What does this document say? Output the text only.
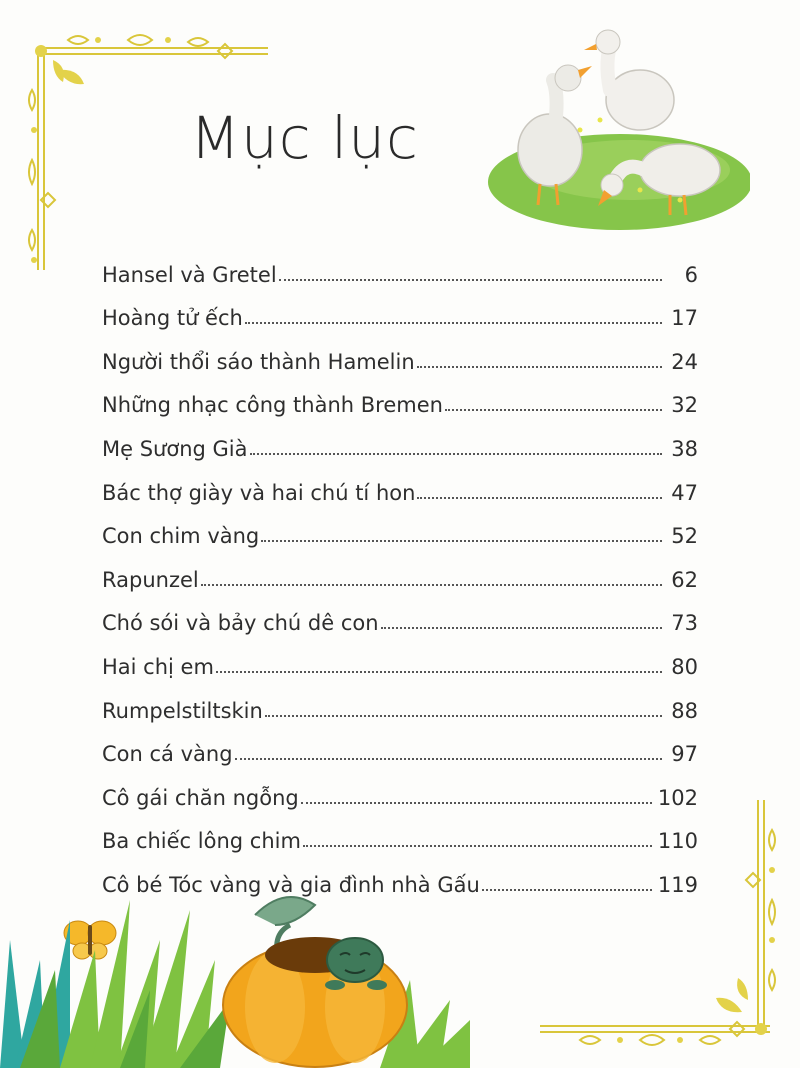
Mục lục
Hansel và Gretel	6
Hoàng tử ếch	17
Người thổi sáo thành Hamelin	24
Những nhạc công thành Bremen	32
Mẹ Sương Già	38
Bác thợ giày và hai chú tí hon	47
Con chim vàng	52
Rapunzel	62
Chó sói và bảy chú dê con	73
Hai chị em	80
Rumpelstiltskin	88
Con cá vàng	97
Cô gái chăn ngỗng	102
Ba chiếc lông chim	110
Cô bé Tóc vàng và gia đình nhà Gấu	119
